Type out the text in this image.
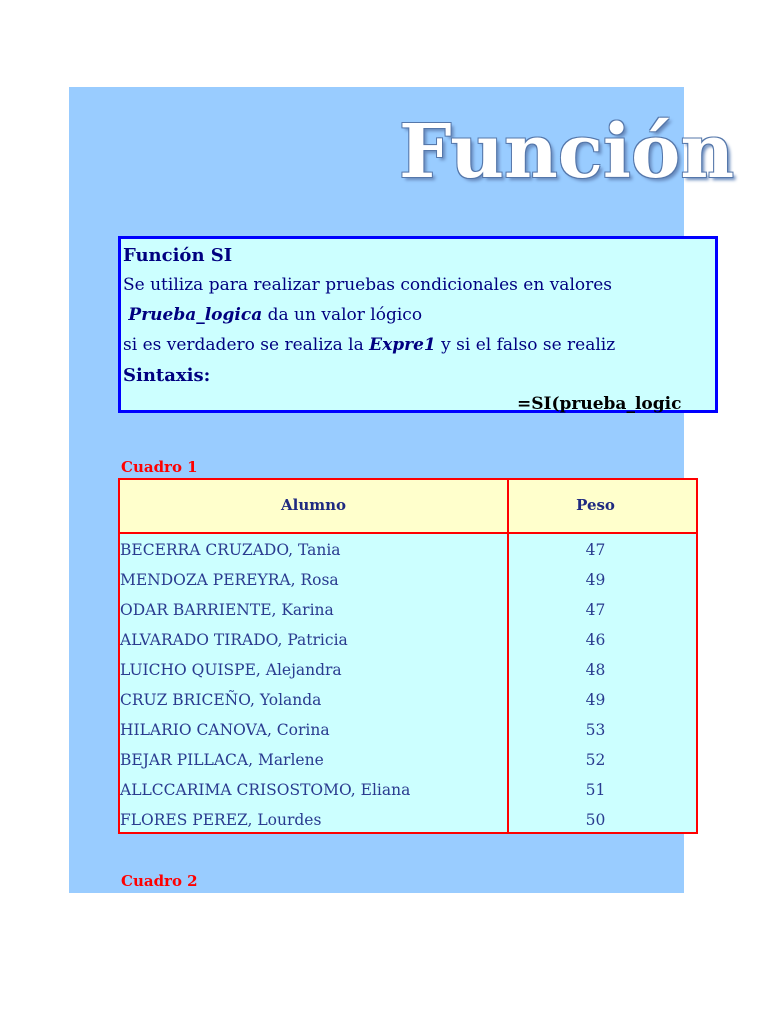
Función
Función SI
Se utiliza para realizar pruebas condicionales en valores
Prueba_logica da un valor lógico
si es verdadero se realiza la Expre1 y si el falso se realiz
Sintaxis:
=SI(prueba_logic
Cuadro 1
Alumno	Peso
BECERRA CRUZADO, Tania	47
MENDOZA PEREYRA, Rosa	49
ODAR BARRIENTE, Karina	47
ALVARADO TIRADO, Patricia	46
LUICHO QUISPE, Alejandra	48
CRUZ BRICEÑO, Yolanda	49
HILARIO CANOVA, Corina	53
BEJAR PILLACA, Marlene	52
ALLCCARIMA CRISOSTOMO, Eliana	51
FLORES PEREZ, Lourdes	50
Cuadro 2
